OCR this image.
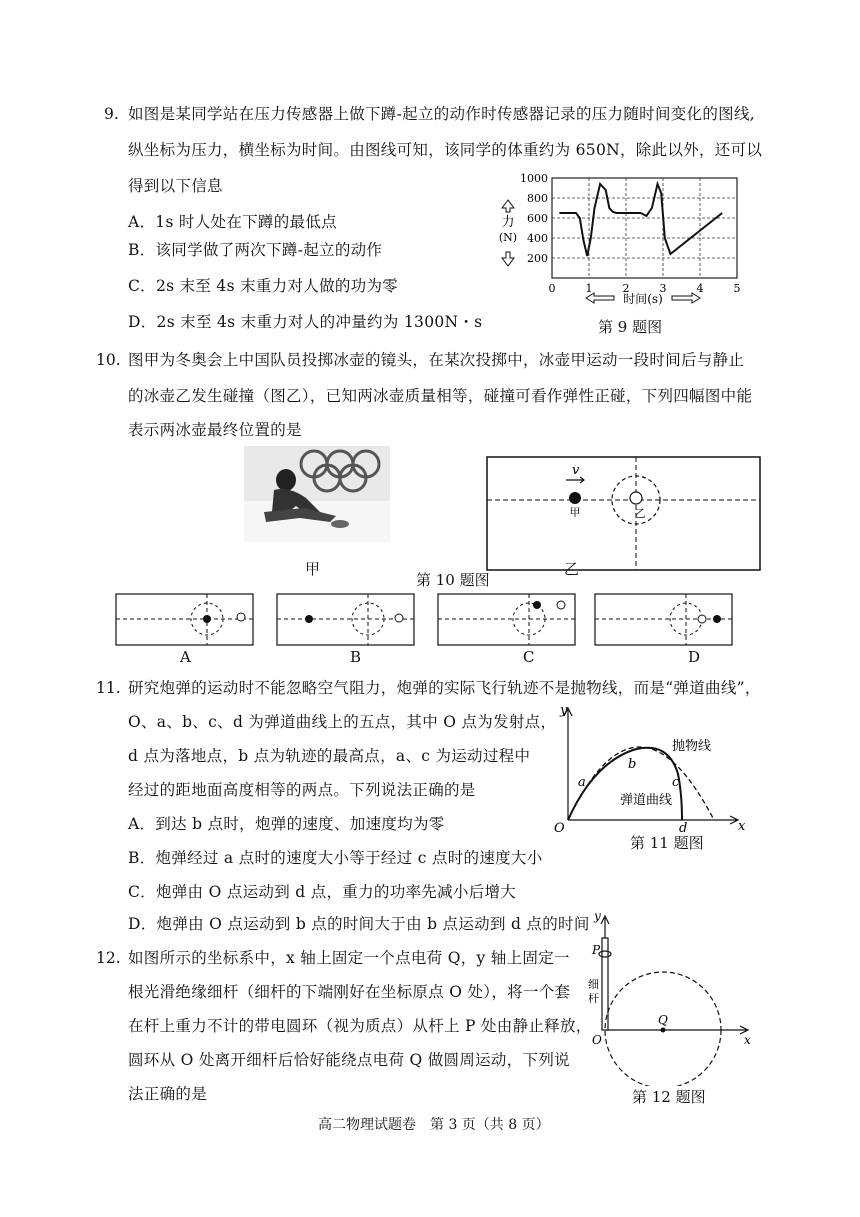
9. 如图是某同学站在压力传感器上做下蹲-起立的动作时传感器记录的压力随时间变化的图线,
纵坐标为压力，横坐标为时间。由图线可知，该同学的体重约为 650N，除此以外，还可以
得到以下信息
A．1s 时人处在下蹲的最低点
B．该同学做了两次下蹲-起立的动作
C．2s 末至 4s 末重力对人做的功为零
D．2s 末至 4s 末重力对人的冲量约为 1300N・s
1000
800
600
400
200
0	1	2	3	4	5
力
(N)
时间(s)
第 9 题图
10. 图甲为冬奥会上中国队员投掷冰壶的镜头，在某次投掷中，冰壶甲运动一段时间后与静止
的冰壶乙发生碰撞（图乙），已知两冰壶质量相等，碰撞可看作弹性正碰，下列四幅图中能
表示两冰壶最终位置的是
甲
v
甲	乙
乙
第 10 题图
A	B	C	D
11. 研究炮弹的运动时不能忽略空气阻力，炮弹的实际飞行轨迹不是抛物线，而是“弹道曲线”，
O、a、b、c、d 为弹道曲线上的五点，其中 O 点为发射点，
d 点为落地点，b 点为轨迹的最高点，a、c 为运动过程中
经过的距地面高度相等的两点。下列说法正确的是
A．到达 b 点时，炮弹的速度、加速度均为零
B．炮弹经过 a 点时的速度大小等于经过 c 点时的速度大小
C．炮弹由 O 点运动到 d 点，重力的功率先减小后增大
D．炮弹由 O 点运动到 b 点的时间大于由 b 点运动到 d 点的时间
抛物线
弹道曲线
O	x
y
a
b
c
d
第 11 题图
12. 如图所示的坐标系中，x 轴上固定一个点电荷 Q，y 轴上固定一
根光滑绝缘细杆（细杆的下端刚好在坐标原点 O 处），将一个套
在杆上重力不计的带电圆环（视为质点）从杆上 P 处由静止释放，
圆环从 O 处离开细杆后恰好能绕点电荷 Q 做圆周运动，下列说
法正确的是
P
Q
O	x
y
细
杆
第 12 题图
高二物理试题卷　第 3 页（共 8 页）
